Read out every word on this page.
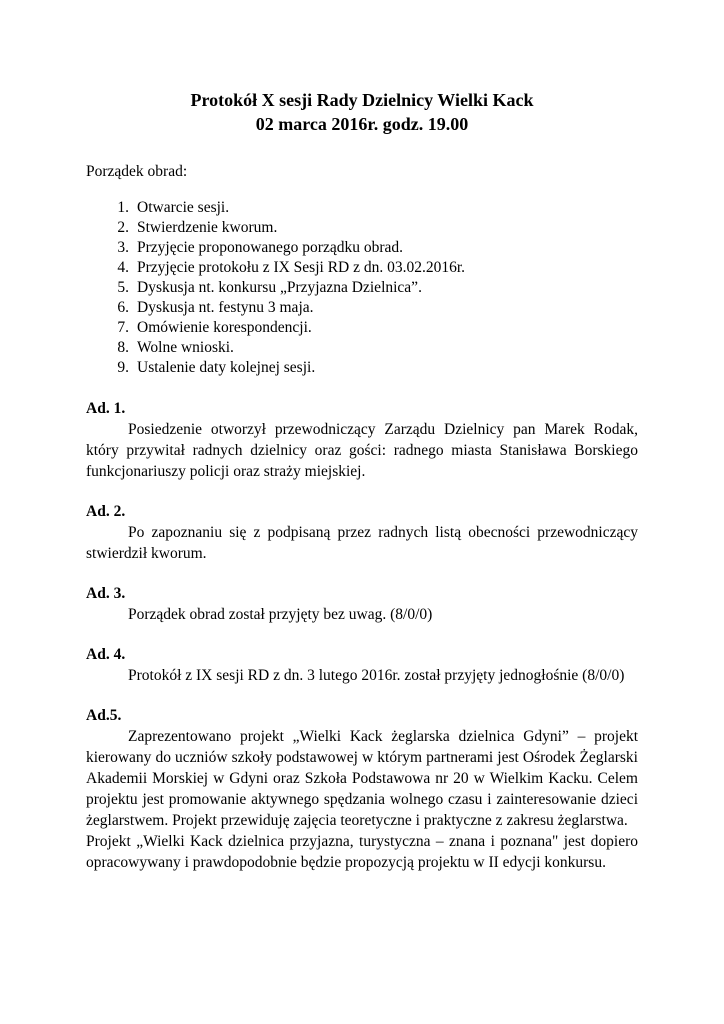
Protokół X sesji Rady Dzielnicy Wielki Kack
02 marca 2016r. godz. 19.00
Porządek obrad:
1. Otwarcie sesji.
2. Stwierdzenie kworum.
3. Przyjęcie proponowanego porządku obrad.
4. Przyjęcie protokołu z IX Sesji RD z dn. 03.02.2016r.
5. Dyskusja nt. konkursu „Przyjazna Dzielnica”.
6. Dyskusja nt. festynu 3 maja.
7. Omówienie korespondencji.
8. Wolne wnioski.
9. Ustalenie daty kolejnej sesji.
Ad. 1.

Posiedzenie otworzył przewodniczący Zarządu Dzielnicy pan Marek Rodak, który przywitał radnych dzielnicy oraz gości: radnego miasta Stanisława Borskiego funkcjonariuszy policji oraz straży miejskiej.

Ad. 2.

Po zapoznaniu się z podpisaną przez radnych listą obecności przewodniczący stwierdził kworum.

Ad. 3.

Porządek obrad został przyjęty bez uwag. (8/0/0)

Ad. 4.

Protokół z IX sesji RD z dn. 3 lutego 2016r. został przyjęty jednogłośnie (8/0/0)

Ad.5.

Zaprezentowano projekt „Wielki Kack żeglarska dzielnica Gdyni” – projekt kierowany do uczniów szkoły podstawowej w którym partnerami jest Ośrodek Żeglarski Akademii Morskiej w Gdyni oraz Szkoła Podstawowa nr 20 w Wielkim Kacku. Celem projektu jest promowanie aktywnego spędzania wolnego czasu i zainteresowanie dzieci żeglarstwem. Projekt przewiduję zajęcia teoretyczne i praktyczne z zakresu żeglarstwa.

Projekt „Wielki Kack dzielnica przyjazna, turystyczna – znana i poznana" jest dopiero opracowywany i prawdopodobnie będzie propozycją projektu w II edycji konkursu.
